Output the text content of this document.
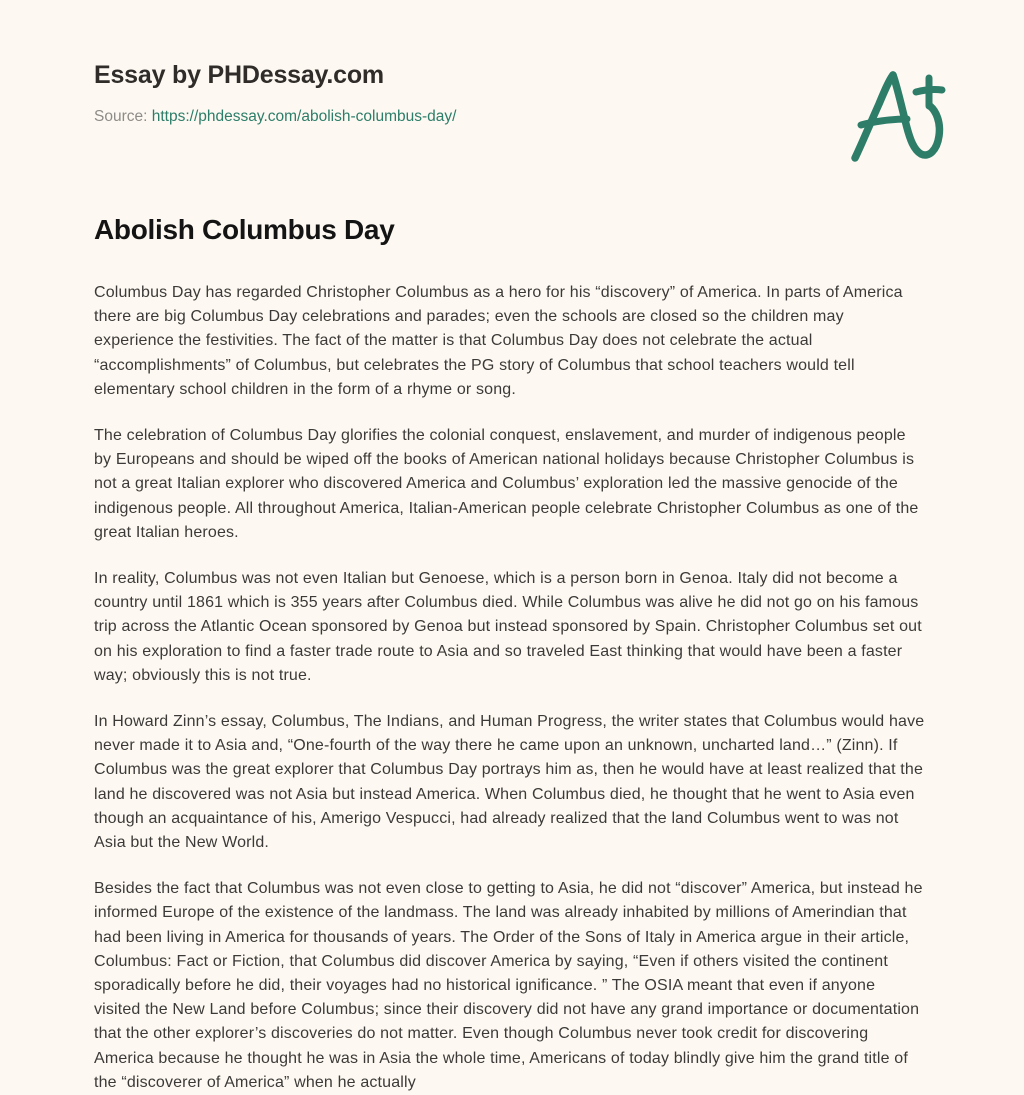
Essay by PHDessay.com
Source: https://phdessay.com/abolish-columbus-day/
Abolish Columbus Day

Columbus Day has regarded Christopher Columbus as a hero for his “discovery” of America. In parts of America there are big Columbus Day celebrations and parades; even the schools are closed so the children may experience the festivities. The fact of the matter is that Columbus Day does not celebrate the actual “accomplishments” of Columbus, but celebrates the PG story of Columbus that school teachers would tell elementary school children in the form of a rhyme or song.

The celebration of Columbus Day glorifies the colonial conquest, enslavement, and murder of indigenous people by Europeans and should be wiped off the books of American national holidays because Christopher Columbus is not a great Italian explorer who discovered America and Columbus’ exploration led the massive genocide of the indigenous people. All throughout America, Italian-American people celebrate Christopher Columbus as one of the great Italian heroes.

In reality, Columbus was not even Italian but Genoese, which is a person born in Genoa. Italy did not become a country until 1861 which is 355 years after Columbus died. While Columbus was alive he did not go on his famous trip across the Atlantic Ocean sponsored by Genoa but instead sponsored by Spain. Christopher Columbus set out on his exploration to find a faster trade route to Asia and so traveled East thinking that would have been a faster way; obviously this is not true.

In Howard Zinn’s essay, Columbus, The Indians, and Human Progress, the writer states that Columbus would have never made it to Asia and, “One-fourth of the way there he came upon an unknown, uncharted land…” (Zinn). If Columbus was the great explorer that Columbus Day portrays him as, then he would have at least realized that the land he discovered was not Asia but instead America. When Columbus died, he thought that he went to Asia even though an acquaintance of his, Amerigo Vespucci, had already realized that the land Columbus went to was not Asia but the New World.

Besides the fact that Columbus was not even close to getting to Asia, he did not “discover” America, but instead he informed Europe of the existence of the landmass. The land was already inhabited by millions of Amerindian that had been living in America for thousands of years. The Order of the Sons of Italy in America argue in their article, Columbus: Fact or Fiction, that Columbus did discover America by saying, “Even if others visited the continent sporadically before he did, their voyages had no historical ignificance. ” The OSIA meant that even if anyone visited the New Land before Columbus; since their discovery did not have any grand importance or documentation that the other explorer’s discoveries do not matter. Even though Columbus never took credit for discovering America because he thought he was in Asia the whole time, Americans of today blindly give him the grand title of the “discoverer of America” when he actually
